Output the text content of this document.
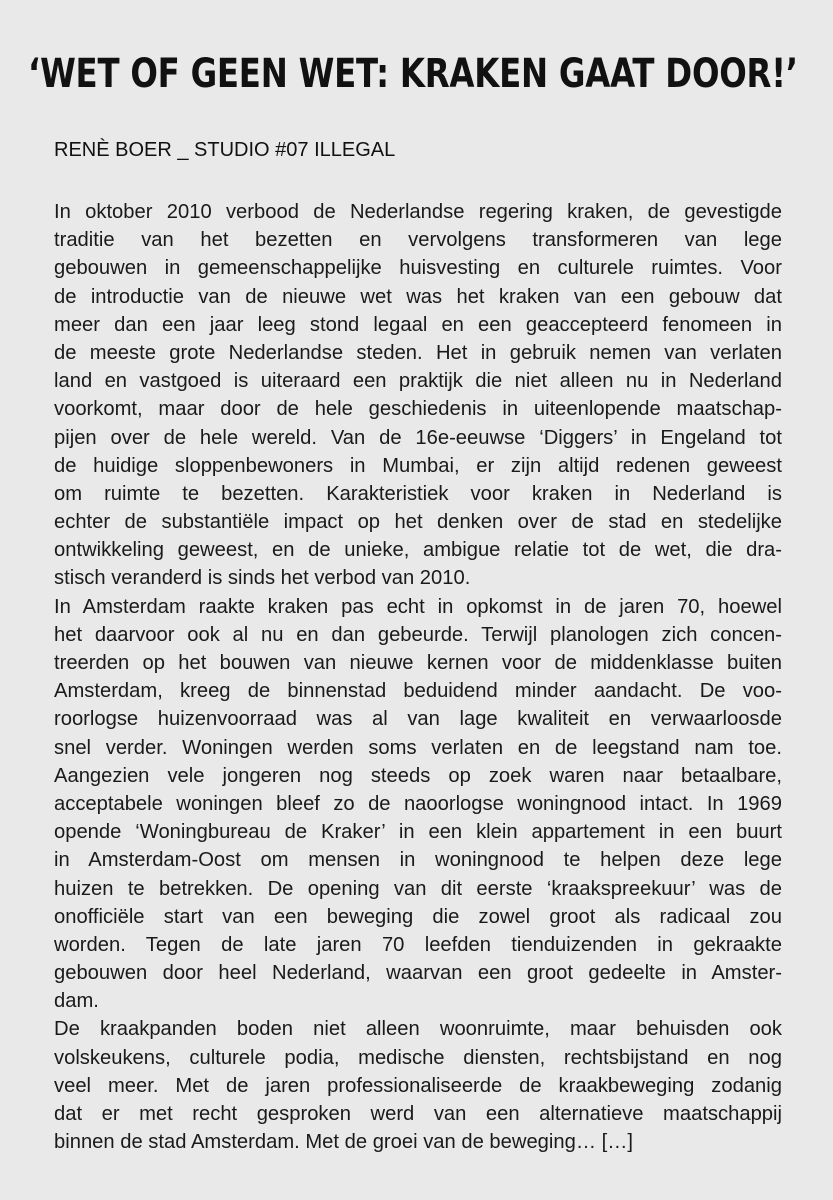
‘WET OF GEEN WET: KRAKEN GAAT DOOR!’

RENÈ BOER _ STUDIO #07 ILLEGAL

In oktober 2010 verbood de Nederlandse regering kraken, de gevestigde
traditie van het bezetten en vervolgens transformeren van lege
gebouwen in gemeenschappelijke huisvesting en culturele ruimtes. Voor
de introductie van de nieuwe wet was het kraken van een gebouw dat
meer dan een jaar leeg stond legaal en een geaccepteerd fenomeen in
de meeste grote Nederlandse steden. Het in gebruik nemen van verlaten
land en vastgoed is uiteraard een praktijk die niet alleen nu in Nederland
voorkomt, maar door de hele geschiedenis in uiteenlopende maatschap-
pijen over de hele wereld. Van de 16e-eeuwse ‘Diggers’ in Engeland tot
de huidige sloppenbewoners in Mumbai, er zijn altijd redenen geweest
om ruimte te bezetten. Karakteristiek voor kraken in Nederland is
echter de substantiële impact op het denken over de stad en stedelijke
ontwikkeling geweest, en de unieke, ambigue relatie tot de wet, die dra-
stisch veranderd is sinds het verbod van 2010.
In Amsterdam raakte kraken pas echt in opkomst in de jaren 70, hoewel
het daarvoor ook al nu en dan gebeurde. Terwijl planologen zich concen-
treerden op het bouwen van nieuwe kernen voor de middenklasse buiten
Amsterdam, kreeg de binnenstad beduidend minder aandacht. De voo-
roorlogse huizenvoorraad was al van lage kwaliteit en verwaarloosde
snel verder. Woningen werden soms verlaten en de leegstand nam toe.
Aangezien vele jongeren nog steeds op zoek waren naar betaalbare,
acceptabele woningen bleef zo de naoorlogse woningnood intact. In 1969
opende ‘Woningbureau de Kraker’ in een klein appartement in een buurt
in Amsterdam-Oost om mensen in woningnood te helpen deze lege
huizen te betrekken. De opening van dit eerste ‘kraakspreekuur’ was de
onofficiële start van een beweging die zowel groot als radicaal zou
worden. Tegen de late jaren 70 leefden tienduizenden in gekraakte
gebouwen door heel Nederland, waarvan een groot gedeelte in Amster-
dam.
De kraakpanden boden niet alleen woonruimte, maar behuisden ook
volskeukens, culturele podia, medische diensten, rechtsbijstand en nog
veel meer. Met de jaren professionaliseerde de kraakbeweging zodanig
dat er met recht gesproken werd van een alternatieve maatschappij
binnen de stad Amsterdam. Met de groei van de beweging… […]
